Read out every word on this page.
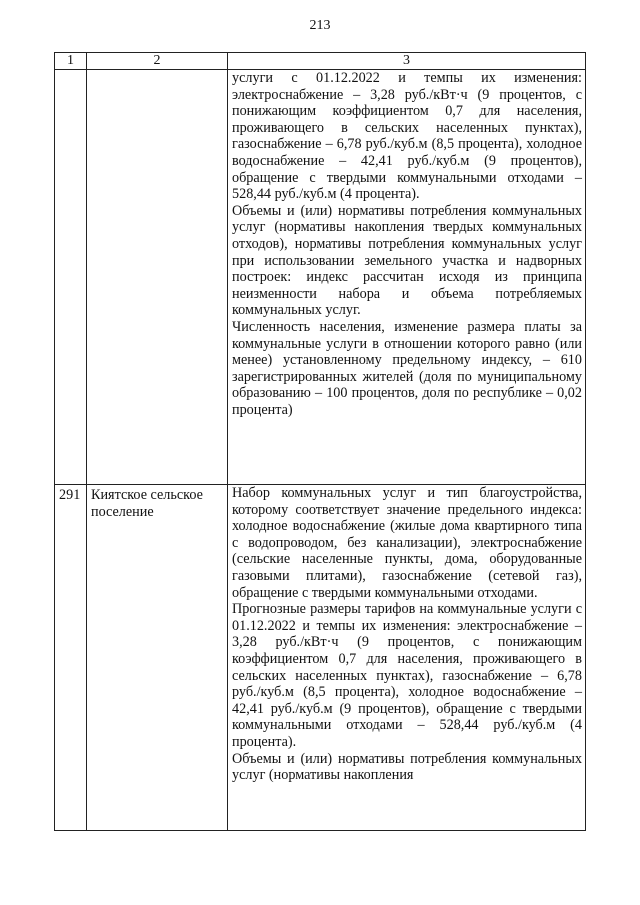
213
1	2	3

		услуги с 01.12.2022 и темпы их изменения: электроснабжение – 3,28 руб./кВт·ч (9 процентов, с понижающим коэффициентом 0,7 для населения, проживающего в сельских населенных пунктах), газоснабжение – 6,78 руб./куб.м (8,5 процента), холодное водоснабжение – 42,41 руб./куб.м (9 процентов), обращение с твердыми коммунальными отходами – 528,44 руб./куб.м (4 процента).

Объемы и (или) нормативы потребления коммунальных услуг (нормативы накопления твердых коммунальных отходов), нормативы потребления коммунальных услуг при использовании земельного участка и надворных построек: индекс рассчитан исходя из принципа неизменности набора и объема потребляемых коммунальных услуг.

Численность населения, изменение размера платы за коммунальные услуги в отношении которого равно (или менее) установленному предельному индексу, – 610 зарегистрированных жителей (доля по муниципальному образованию – 100 процентов, доля по республике – 0,02 процента)

291	Киятское сельское поселение	Набор коммунальных услуг и тип благоустройства, которому соответствует значение предельного индекса: холодное водоснабжение (жилые дома квартирного типа с водопроводом, без канализации), электроснабжение (сельские населенные пункты, дома, оборудованные газовыми плитами), газоснабжение (сетевой газ), обращение с твердыми коммунальными отходами.

Прогнозные размеры тарифов на коммунальные услуги с 01.12.2022 и темпы их изменения: электроснабжение – 3,28 руб./кВт·ч (9 процентов, с понижающим коэффициентом 0,7 для населения, проживающего в сельских населенных пунктах), газоснабжение – 6,78 руб./куб.м (8,5 процента), холодное водоснабжение – 42,41 руб./куб.м (9 процентов), обращение с твердыми коммунальными отходами – 528,44 руб./куб.м (4 процента).

Объемы и (или) нормативы потребления коммунальных услуг (нормативы накопления
